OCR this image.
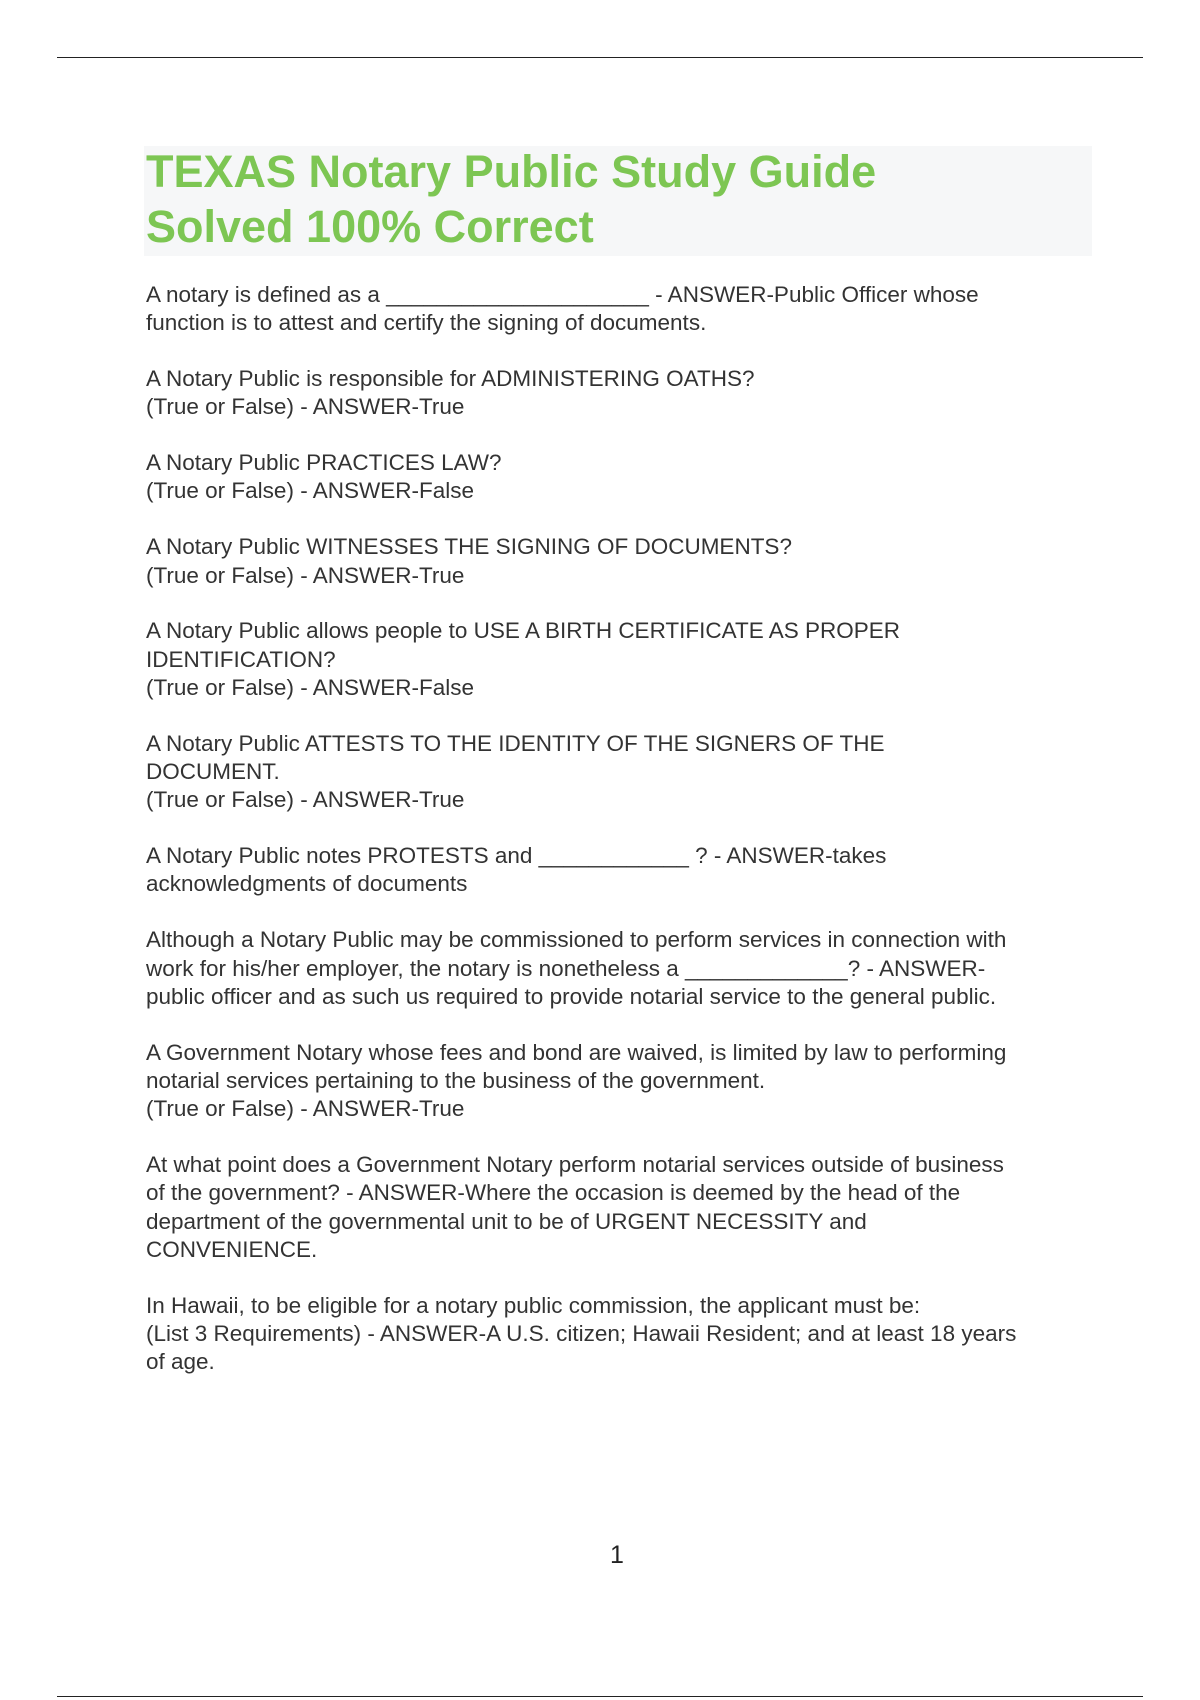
TEXAS Notary Public Study Guide
Solved 100% Correct

A notary is defined as a _____________________ - ANSWER-Public Officer whose
function is to attest and certify the signing of documents.

A Notary Public is responsible for ADMINISTERING OATHS?
(True or False) - ANSWER-True

A Notary Public PRACTICES LAW?
(True or False) - ANSWER-False

A Notary Public WITNESSES THE SIGNING OF DOCUMENTS?
(True or False) - ANSWER-True

A Notary Public allows people to USE A BIRTH CERTIFICATE AS PROPER
IDENTIFICATION?
(True or False) - ANSWER-False

A Notary Public ATTESTS TO THE IDENTITY OF THE SIGNERS OF THE
DOCUMENT.
(True or False) - ANSWER-True

A Notary Public notes PROTESTS and ____________ ? - ANSWER-takes
acknowledgments of documents

Although a Notary Public may be commissioned to perform services in connection with
work for his/her employer, the notary is nonetheless a _____________? - ANSWER-
public officer and as such us required to provide notarial service to the general public.

A Government Notary whose fees and bond are waived, is limited by law to performing
notarial services pertaining to the business of the government.
(True or False) - ANSWER-True

At what point does a Government Notary perform notarial services outside of business
of the government? - ANSWER-Where the occasion is deemed by the head of the
department of the governmental unit to be of URGENT NECESSITY and
CONVENIENCE.

In Hawaii, to be eligible for a notary public commission, the applicant must be:
(List 3 Requirements) - ANSWER-A U.S. citizen; Hawaii Resident; and at least 18 years
of age.

1
